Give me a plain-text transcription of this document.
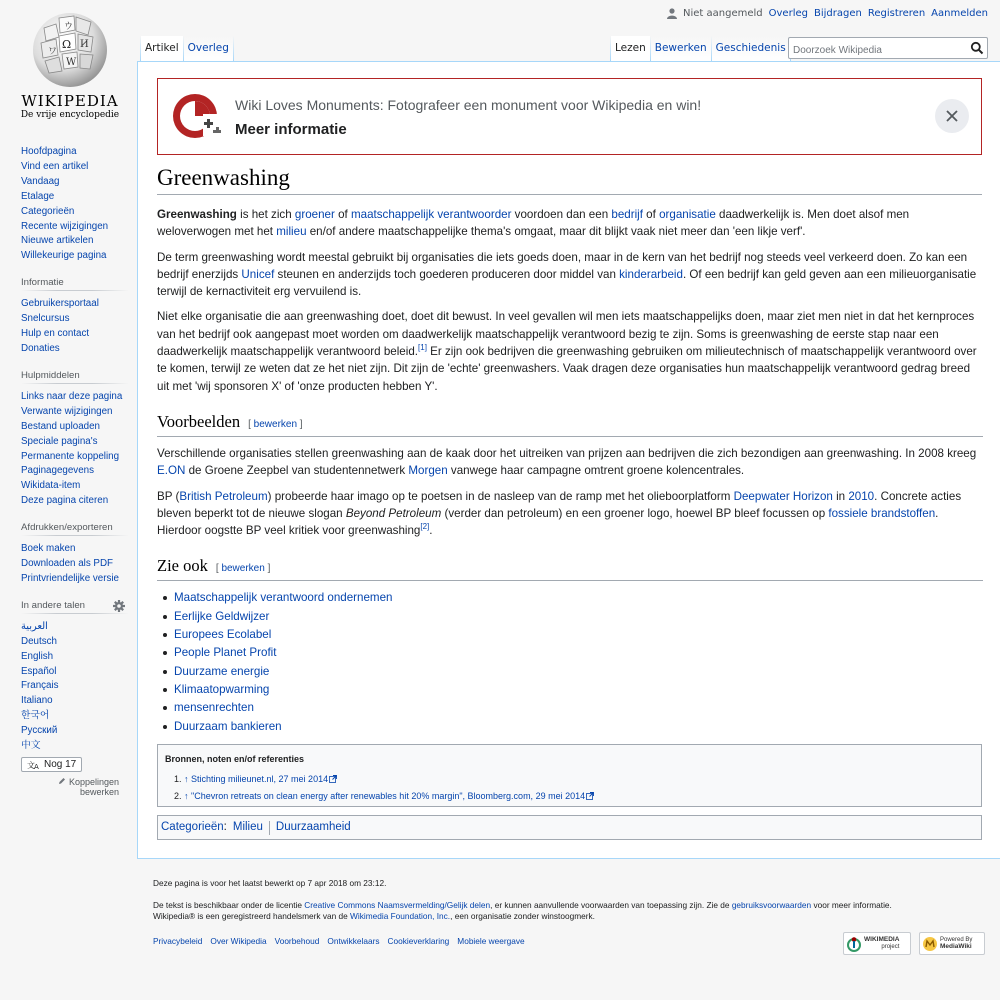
Ω И
W
ワ
ウ
WIKIPEDIA
De vrije encyclopedie
Niet aangemeld Overleg Bijdragen Registreren Aanmelden
Artikel Overleg	Lezen Bewerken Geschiedenis
Doorzoek Wikipedia
Wiki Loves Monuments: Fotografeer een monument voor Wikipedia en win!
Meer informatie
Greenwashing

Greenwashing is het zich groener of maatschappelijk verantwoorder voordoen dan een bedrijf of organisatie daadwerkelijk is. Men doet alsof men weloverwogen met het milieu en/of andere maatschappelijke thema's omgaat, maar dit blijkt vaak niet meer dan 'een likje verf'.

De term greenwashing wordt meestal gebruikt bij organisaties die iets goeds doen, maar in de kern van het bedrijf nog steeds veel verkeerd doen. Zo kan een bedrijf enerzijds Unicef steunen en anderzijds toch goederen produceren door middel van kinderarbeid. Of een bedrijf kan geld geven aan een milieuorganisatie terwijl de kernactiviteit erg vervuilend is.

Niet elke organisatie die aan greenwashing doet, doet dit bewust. In veel gevallen wil men iets maatschappelijks doen, maar ziet men niet in dat het kernproces van het bedrijf ook aangepast moet worden om daadwerkelijk maatschappelijk verantwoord bezig te zijn. Soms is greenwashing de eerste stap naar een daadwerkelijk maatschappelijk verantwoord beleid.[1] Er zijn ook bedrijven die greenwashing gebruiken om milieutechnisch of maatschappelijk verantwoord over te komen, terwijl ze weten dat ze het niet zijn. Dit zijn de 'echte' greenwashers. Vaak dragen deze organisaties hun maatschappelijk verantwoord gedrag breed uit met 'wij sponsoren X' of 'onze producten hebben Y'.

Voorbeelden [ bewerken ]

Verschillende organisaties stellen greenwashing aan de kaak door het uitreiken van prijzen aan bedrijven die zich bezondigen aan greenwashing. In 2008 kreeg E.ON de Groene Zeepbel van studentennetwerk Morgen vanwege haar campagne omtrent groene kolencentrales.

BP (British Petroleum) probeerde haar imago op te poetsen in de nasleep van de ramp met het olieboorplatform Deepwater Horizon in 2010. Concrete acties bleven beperkt tot de nieuwe slogan Beyond Petroleum (verder dan petroleum) en een groener logo, hoewel BP bleef focussen op fossiele brandstoffen. Hierdoor oogstte BP veel kritiek voor greenwashing[2].

Zie ook [ bewerken ]
Maatschappelijk verantwoord ondernemen
Eerlijke Geldwijzer
Europees Ecolabel
People Planet Profit
Duurzame energie
Klimaatopwarming
mensenrechten
Duurzaam bankieren
Bronnen, noten en/of referenties
1. ↑ Stichting milieunet.nl, 27 mei 2014
2. ↑ "Chevron retreats on clean energy after renewables hit 20% margin", Bloomberg.com, 29 mei 2014
Categorieën : Milieu Duurzaamheid
Hoofdpagina
Vind een artikel
Vandaag
Etalage
Categorieën
Recente wijzigingen
Nieuwe artikelen
Willekeurige pagina
Informatie
Gebruikersportaal
Snelcursus
Hulp en contact
Donaties
Hulpmiddelen
Links naar deze pagina
Verwante wijzigingen
Bestand uploaden
Speciale pagina's
Permanente koppeling
Paginagegevens
Wikidata-item
Deze pagina citeren
Afdrukken/exporteren
Boek maken
Downloaden als PDF
Printvriendelijke versie
In andere talen
العربية
Deutsch
English
Español
Français
Italiano
한국어
Русский
中文
文 A Nog 17
Koppelingen bewerken

Deze pagina is voor het laatst bewerkt op 7 apr 2018 om 23:12.

De tekst is beschikbaar onder de licentie Creative Commons Naamsvermelding/Gelijk delen, er kunnen aanvullende voorwaarden van toepassing zijn. Zie de gebruiksvoorwaarden voor meer informatie.

Wikipedia® is een geregistreerd handelsmerk van de Wikimedia Foundation, Inc., een organisatie zonder winstoogmerk.

Privacybeleid Over Wikipedia Voorbehoud Ontwikkelaars Cookieverklaring Mobiele weergave	WIKIMEDIA
project
Powered By
MediaWiki
